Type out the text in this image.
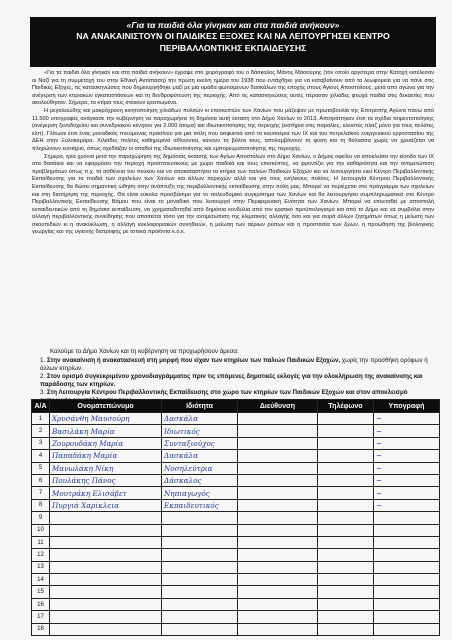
«Για τα παιδιά όλα γίνηκαν και στα παιδιά ανήκουν»
ΝΑ ΑΝΑΚΑΙΝΙΣΤΟΥΝ ΟΙ ΠΑΙΔΙΚΕΣ ΕΞΟΧΕΣ ΚΑΙ ΝΑ ΛΕΙΤΟΥΡΓΗΣΕΙ ΚΕΝΤΡΟ
ΠΕΡΙΒΑΛΛΟΝΤΙΚΗΣ ΕΚΠΑΙΔΕΥΣΗΣ

«Για τα παιδιά όλα γίνηκαν και στα παιδιά ανήκουν» έγραψε στο χειρόγραφό του ο δάσκαλος Μάνος Μασούρης (τον οποίο αργότερα στην Κατοχή εκτέλεσαν οι Ναζί για τη συμμετοχή του στην Εθνική Αντίσταση) την πρώτη εκείνη ημέρα του 1938 που εντάχθηκε για να καταβαίνουν από τα λεωφορεία για να πάνε στις Παιδικές Εξοχές, τις κατασκηνώσεις που δημιουργήθηκε μαζί με μια ομάδα φωτισμένων δασκάλων της εποχής στους Αγίους Αποστόλους, μετά από αγώνα για την ανέγερση των κτιριακών εγκαταστάσεων και τη δενδροφύτευση της περιοχής. Από τις κατασκηνώσεις αυτές πέρασαν χιλιάδες φτωχά παιδιά στις δεκαετίες που ακολούθησαν. Σήμερα, τα κτίρια τους στέκουν ερειπωμένα.

Η μεγαλειώδης και μακρόχρονη κινητοποίηση χιλιάδων πολιτών κι επισκεπτών των Χανίων που μάζεψαν με πρωτοβουλία της Επιτροπής Αγώνα πάνω από 11.500 υπογραφές ανάγκασε την κυβέρνηση να παραχωρήσει τη δημόσια αυτή έκταση στο Δήμο Χανίων το 2013. Αποτράπηκαν έτσι τα σχέδια τσιμεντοποίησης (ανέγερση ξενοδοχείου και συνεδριακού κέντρου για 2.000 άτομα) και ιδιωτικοποίησης της περιοχής (ειστήρια στις παραλίες, κλειστές πλαζ μόνο για τους πελάτες κλπ). Γλίτωσε έτσι ένας μοναδικός πνεύμονας πρασίνου για μια πόλη που ασφυκτιά από τα καυσαέρια των ΙΧ και του πετρελαϊκού ενεργειακού εργοστασίου της ΔΕΗ στην Ξυλοκαμάρα. Χιλιάδες πολίτες καθημερινά αθλούνται, κάνουν τη βόλτα τους, απολαμβάνουν τη φύση και τη θάλασσα χωρίς να χρειάζεται να πληρώνουν εισιτήριο, όπως σχεδίαζαν οι οπαδοί της ιδιωτικοποίησης και εμπορευματοποίησης της περιοχής.

Σήμερα, τρία χρόνια μετά την παραχώρηση της δημόσιας έκτασης των Αγίων Αποστόλων στο Δήμο Χανίων, ο Δήμος οφείλει να αποκλείσει την είσοδο των ΙΧ στα δασάκια και να εφαρμόσει την περιοχή προστατευτικούς με χώρο παιδικά και τους επισκέπτες, να φροντίζει για την καθαριότητα και την αντιμετώπιση προβλημάτων όπως π.χ. τα ασθένεια του πεύκου και να αποκαταστήσει τα κτήρια των παλιών Παιδικών Εξοχών και να λειτουργήσει εκεί Κέντρο Περιβαλλοντικής Εκπαίδευσης για τα παιδιά των σχολείων των Χανίων και άλλων περιοχών αλλά και για τους ενήλικους πολίτες. Η λειτουργία Κέντρου Περιβαλλοντικής Εκπαίδευσης θα δώσει σημαντική ώθηση στην ανάπτυξη της περιβαλλοντικής εκπαίδευσης στην πόλη μας. Μπορεί να περιέχεται στο πρόγραμμα των σχολείων και στη διατήρηση της περιοχής. Θα είναι εύκολα προσβάσιμο για το πολεοδομικό συγκρότημα των Χανίων και θα λειτουργήσει συμπληρωματικά στο Κέντρο Περιβαλλοντικής Εκπαίδευσης Βάμου που είναι το μοναδικό που λειτουργεί στην Περιφερειακή Ενότητα των Χανίων. Μπορεί να επεκταθεί με αποστολή εκπαιδευτικών από τη δημόσια εκπαίδευση, να χρηματοδοτηθεί από δημόσια κονδύλια από τον κρατικό προϋπολογισμό και από το Δήμο και να συμβάλει στην αλλαγή περιβαλλοντικής συνείδησης που απαιτείται τόσο για την αντιμετώπιση της κλιματικής αλλαγής όσο και για σειρά άλλων ζητημάτων όπως η μείωση των σκουπιδιών κι η ανακύκλωση, η αλλαγή κυκλοφοριακών συνηθειών, η μείωση των αέριων ρύπων και η προστασία των ζώων, η προώθηση της βιολογικής γεωργίας και της υγιεινής διατροφής με τοπικά προϊόντα κ.ο.κ.

Καλούμε το Δήμο Χανίων και τη κυβέρνηση να προχωρήσουν άμεσα:
1. Στην ανακαίνιση ή ανακατασκευή στη μορφή που είχαν των κτηρίων των παλιών Παιδικών Εξοχών, χωρίς την προσθήκη ορόφων ή άλλων κτηρίων.
2. Στον ορισμό συγκεκριμένου χρονοδιαγράμματος πριν τις επόμενες δημοτικές εκλογές για την ολοκλήρωση της ανακαίνισης και παράδοσης των κτηρίων.
3. Στη Λειτουργία Κέντρου Περιβαλλοντικής Εκπαίδευσης στο χώρο των κτηρίων των Παιδικών Εξοχών και στον αποκλεισμό
Α/Α	Ονοματεπώνυμο	Ιδιότητα	Διεύθυνση	Τηλέφωνο	Υπογραφή
1	Χρυσάνθη Μαυσούρη	Δασκάλα			~
2	Βασιλάκη Μαρία	Ιδιωτικός			~
3	Ζουρουδάκη Μαρία	Συνταξιούχος			~
4	Παπαδάκη Μαρία	Δασκάλα			~
5	Μανωλάκη Νίκη	Νοσηλεύτρια			~
6	Πουλάκης Πάνος	Δάσκαλος			~
7	Μουτράκη Ελισάβετ	Νηπιαγωγός			~
8	Πυργιά Χαρίκλεια	Εκπαιδευτικός			~
9					
10					
11					
12					
13					
14					
15					
16					
17					
18					
